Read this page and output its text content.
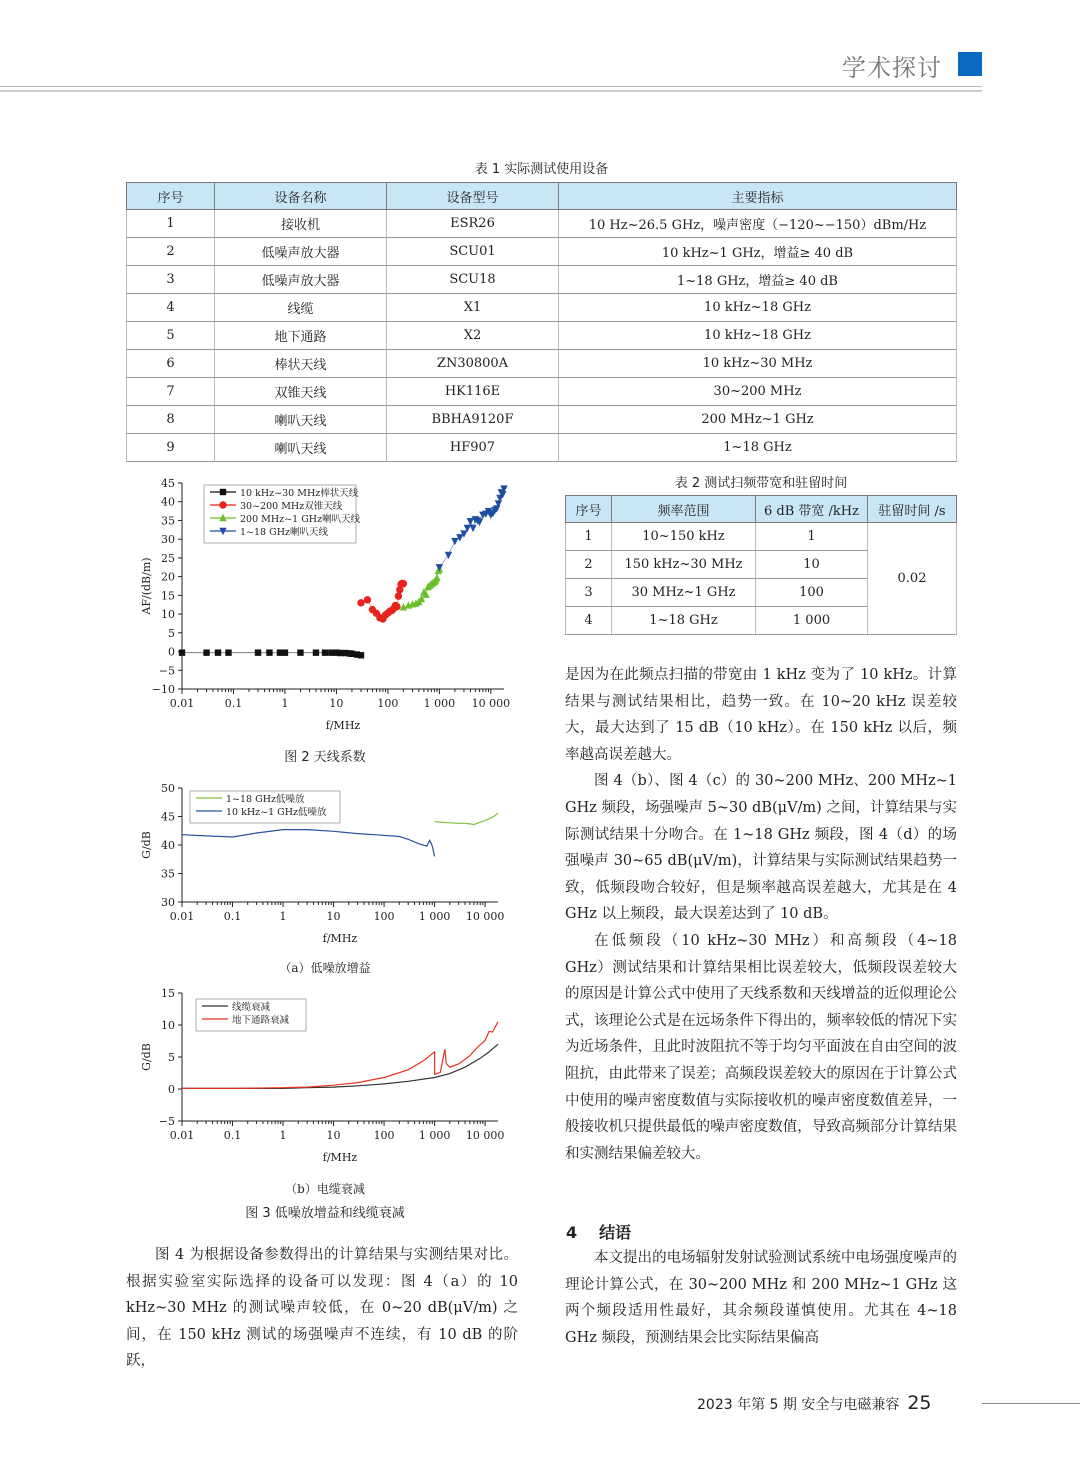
学术探讨
表 1 实际测试使用设备
序号	设备名称	设备型号	主要指标
1	接收机	ESR26	10 Hz~26.5 GHz，噪声密度（−120~−150）dBm/Hz
2	低噪声放大器	SCU01	10 kHz~1 GHz，增益≥ 40 dB
3	低噪声放大器	SCU18	1~18 GHz，增益≥ 40 dB
4	线缆	X1	10 kHz~18 GHz
5	地下通路	X2	10 kHz~18 GHz
6	棒状天线	ZN30800A	10 kHz~30 MHz
7	双锥天线	HK116E	30~200 MHz
8	喇叭天线	BBHA9120F	200 MHz~1 GHz
9	喇叭天线	HF907	1~18 GHz
表 2 测试扫频带宽和驻留时间
序号	频率范围	6 dB 带宽 /kHz	驻留时间 /s
1	10~150 kHz	1	0.02
2	150 kHz~30 MHz	10	
3	30 MHz~1 GHz	100	
4	1~18 GHz	1 000	
−10
−5
0
5
10
15
20
25
30
35
40
45
0.01	0.1	1	10	100 1 000 10 000
f/MHz
AF/(dB/m)
10 kHz~30 MHz棒状天线
30~200 MHz双锥天线
200 MHz~1 GHz喇叭天线
1~18 GHz喇叭天线
图 2 天线系数
30
35
40
45
50
0.01	0.1	1	10	100 1 000 10 000
f/MHz
G/dB
1~18 GHz低噪放
10 kHz~1 GHz低噪放
（a）低噪放增益
−5
0
5
10
15
0.01	0.1	1	10	100 1 000 10 000
f/MHz
G/dB
线缆衰减
地下通路衰减
（b）电缆衰减
图 3 低噪放增益和线缆衰减

图 4 为根据设备参数得出的计算结果与实测结果对比。根据实验室实际选择的设备可以发现：图 4（a）的 10 kHz~30 MHz 的测试噪声较低，在 0~20 dB(μV/m) 之间，在 150 kHz 测试的场强噪声不连续，有 10 dB 的阶跃，

是因为在此频点扫描的带宽由 1 kHz 变为了 10 kHz。计算结果与测试结果相比，趋势一致。在 10~20 kHz 误差较大，最大达到了 15 dB（10 kHz）。在 150 kHz 以后，频率越高误差越大。

图 4（b）、图 4（c）的 30~200 MHz、200 MHz~1 GHz 频段，场强噪声 5~30 dB(μV/m) 之间，计算结果与实际测试结果十分吻合。在 1~18 GHz 频段，图 4（d）的场强噪声 30~65 dB(μV/m)，计算结果与实际测试结果趋势一致，低频段吻合较好，但是频率越高误差越大，尤其是在 4 GHz 以上频段，最大误差达到了 10 dB。

在低频段（10 kHz~30 MHz）和高频段（4~18 GHz）测试结果和计算结果相比误差较大，低频段误差较大的原因是计算公式中使用了天线系数和天线增益的近似理论公式，该理论公式是在远场条件下得出的，频率较低的情况下实为近场条件，且此时波阻抗不等于均匀平面波在自由空间的波阻抗，由此带来了误差；高频段误差较大的原因在于计算公式中使用的噪声密度数值与实际接收机的噪声密度数值差异，一般接收机只提供最低的噪声密度数值，导致高频部分计算结果和实测结果偏差较大。

4 结语

本文提出的电场辐射发射试验测试系统中电场强度噪声的理论计算公式，在 30~200 MHz 和 200 MHz~1 GHz 这两个频段适用性最好，其余频段谨慎使用。尤其在 4~18 GHz 频段，预测结果会比实际结果偏高

2023 年第 5 期 安全与电磁兼容 25
